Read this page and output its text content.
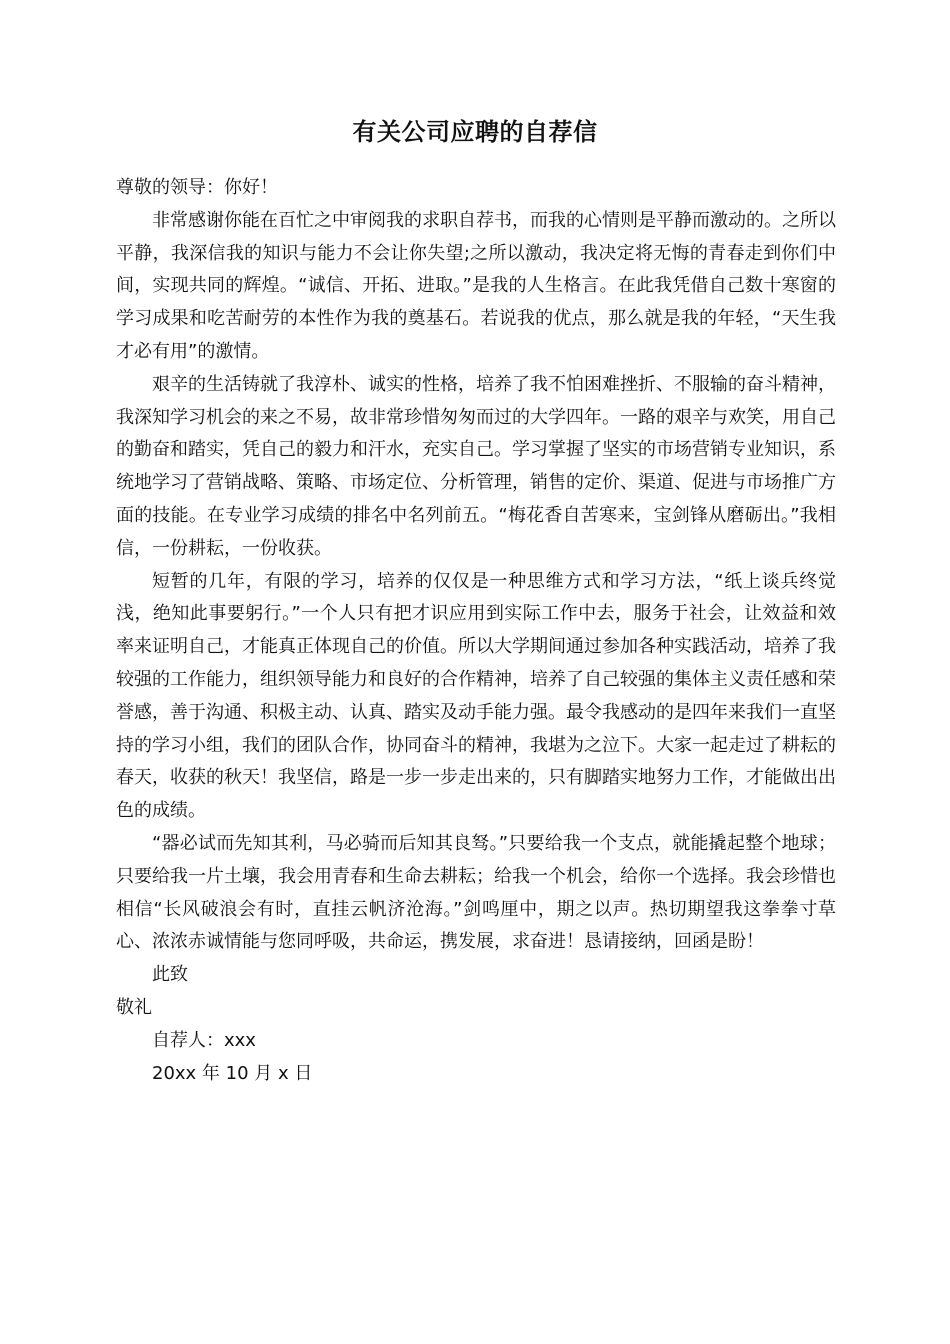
有关公司应聘的自荐信

尊敬的领导：你好！

非常感谢你能在百忙之中审阅我的求职自荐书，而我的心情则是平静而激动的。之所以平静，我深信我的知识与能力不会让你失望;之所以激动，我决定将无悔的青春走到你们中间，实现共同的辉煌。“诚信、开拓、进取。”是我的人生格言。在此我凭借自己数十寒窗的学习成果和吃苦耐劳的本性作为我的奠基石。若说我的优点，那么就是我的年轻，“天生我才必有用”的激情。

艰辛的生活铸就了我淳朴、诚实的性格，培养了我不怕困难挫折、不服输的奋斗精神，我深知学习机会的来之不易，故非常珍惜匆匆而过的大学四年。一路的艰辛与欢笑，用自己的勤奋和踏实，凭自己的毅力和汗水，充实自己。学习掌握了坚实的市场营销专业知识，系统地学习了营销战略、策略、市场定位、分析管理，销售的定价、渠道、促进与市场推广方面的技能。在专业学习成绩的排名中名列前五。“梅花香自苦寒来，宝剑锋从磨砺出。”我相信，一份耕耘，一份收获。

短暂的几年，有限的学习，培养的仅仅是一种思维方式和学习方法，“纸上谈兵终觉浅，绝知此事要躬行。”一个人只有把才识应用到实际工作中去，服务于社会，让效益和效率来证明自己，才能真正体现自己的价值。所以大学期间通过参加各种实践活动，培养了我较强的工作能力，组织领导能力和良好的合作精神，培养了自己较强的集体主义责任感和荣誉感，善于沟通、积极主动、认真、踏实及动手能力强。最令我感动的是四年来我们一直坚持的学习小组，我们的团队合作，协同奋斗的精神，我堪为之泣下。大家一起走过了耕耘的春天，收获的秋天！我坚信，路是一步一步走出来的，只有脚踏实地努力工作，才能做出出色的成绩。

“器必试而先知其利，马必骑而后知其良驽。”只要给我一个支点，就能撬起整个地球；只要给我一片土壤，我会用青春和生命去耕耘；给我一个机会，给你一个选择。我会珍惜也相信“长风破浪会有时，直挂云帆济沧海。”剑鸣厘中，期之以声。热切期望我这拳拳寸草心、浓浓赤诚情能与您同呼吸，共命运，携发展，求奋进！恳请接纳，回函是盼！

此致

敬礼

自荐人：xxx

20xx 年 10 月 x 日
